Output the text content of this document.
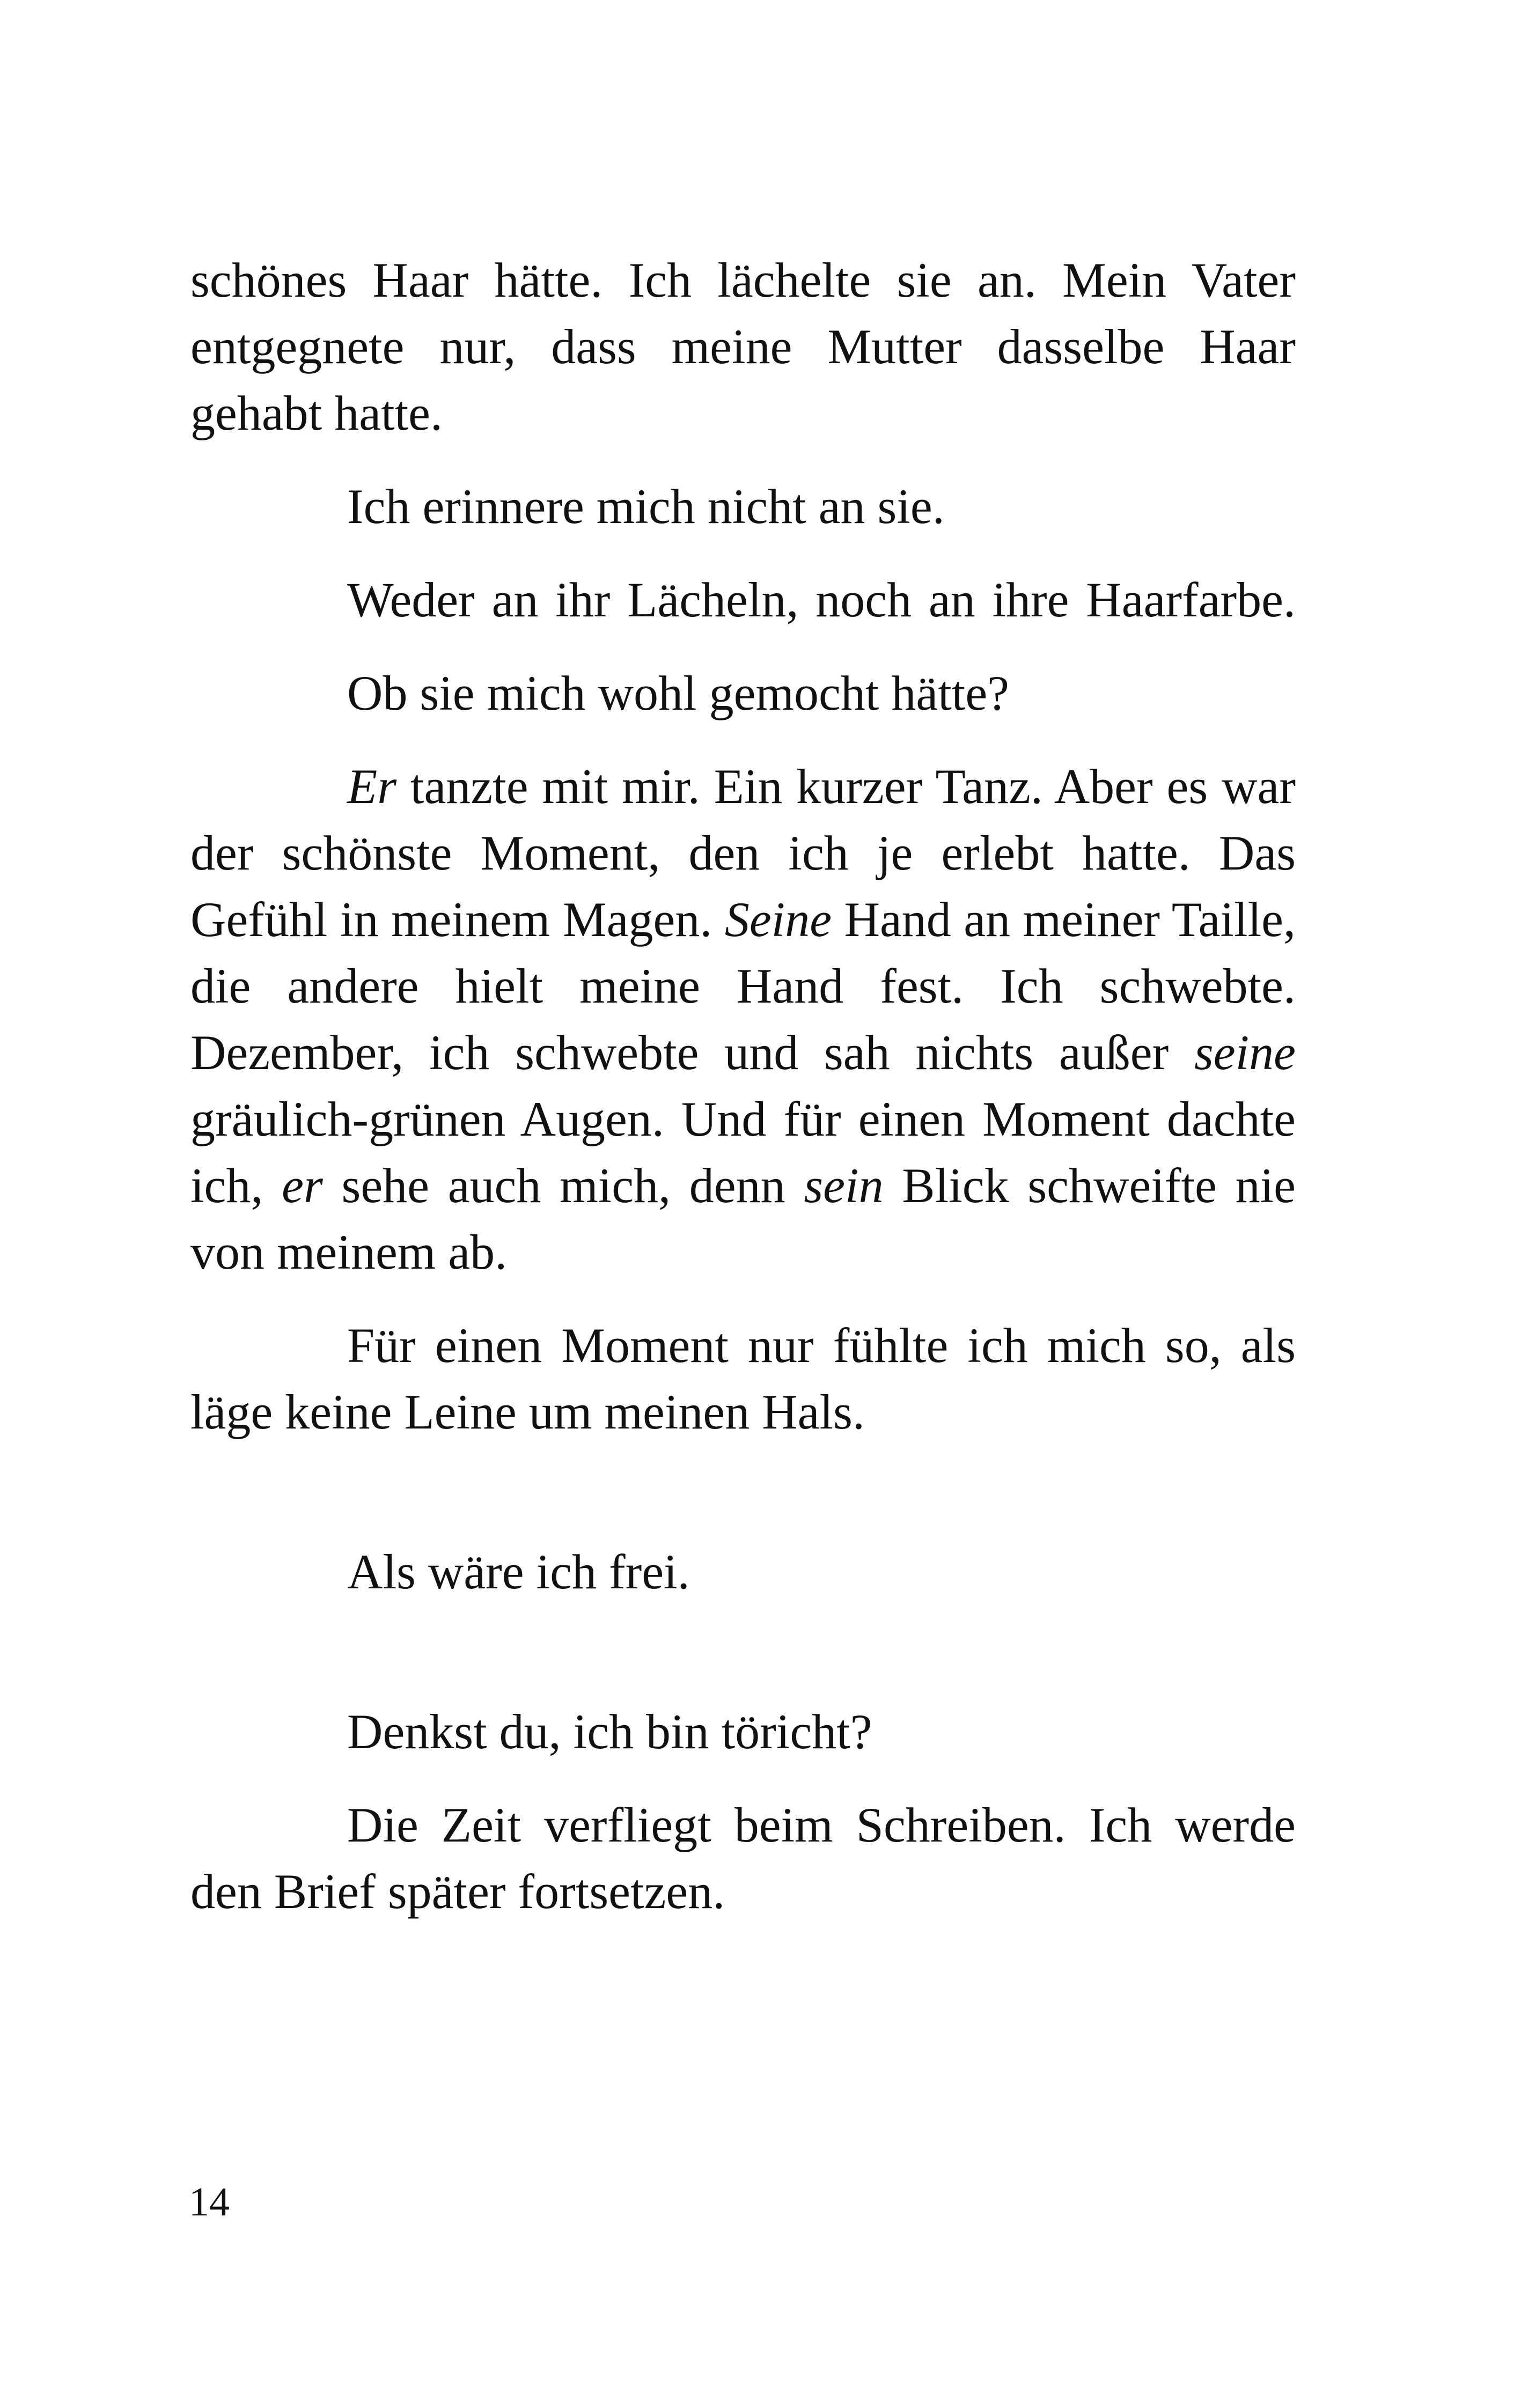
schönes Haar hätte. Ich lächelte sie an. Mein Vater entgegnete nur, dass meine Mutter dasselbe Haar gehabt hatte.

Ich erinnere mich nicht an sie.

Weder an ihr Lächeln, noch an ihre Haarfarbe.

Ob sie mich wohl gemocht hätte?

Er tanzte mit mir. Ein kurzer Tanz. Aber es war der schönste Moment, den ich je erlebt hatte. Das Gefühl in meinem Magen. Seine Hand an meiner Taille, die andere hielt meine Hand fest. Ich schwebte. Dezember, ich schwebte und sah nichts außer seine gräulich-grünen Augen. Und für einen Moment dachte ich, er sehe auch mich, denn sein Blick schweifte nie von meinem ab.

Für einen Moment nur fühlte ich mich so, als läge keine Leine um meinen Hals.

Als wäre ich frei.

Denkst du, ich bin töricht?

Die Zeit verfliegt beim Schreiben. Ich werde den Brief später fortsetzen.

14
